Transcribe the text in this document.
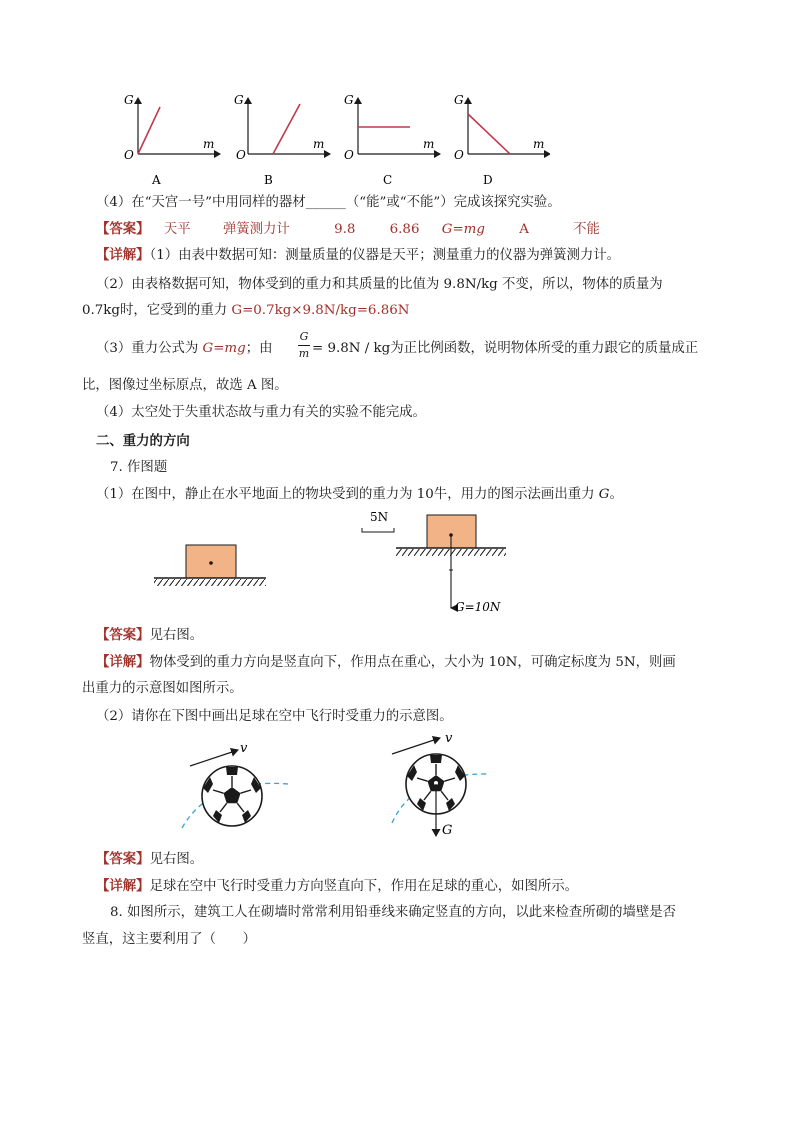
G
m
O
A
G
m
O
B
G
m
O
C
G
m
O
D
（4）在“天宫一号”中用同样的器材______（“能”或“不能”）完成该探究实验。
【答案】 天平 弹簧测力计	9.8	6.86 G=mg	A	不能
【详解】（1）由表中数据可知：测量质量的仪器是天平；测量重力的仪器为弹簧测力计。
（2）由表格数据可知，物体受到的重力和其质量的比值为 9.8N/kg 不变，所以，物体的质量为
0.7kg时，它受到的重力 G=0.7kg×9.8N/kg=6.86N
（3）重力公式为 G=mg；由
G
m = 9.8N / kg为正比例函数，说明物体所受的重力跟它的质量成正
比，图像过坐标原点，故选 A 图。
（4）太空处于失重状态故与重力有关的实验不能完成。
二、重力的方向
7. 作图题
（1）在图中，静止在水平地面上的物块受到的重力为 10牛，用力的图示法画出重力 G。
5N
G=10N
【答案】见右图。
【详解】物体受到的重力方向是竖直向下，作用点在重心，大小为 10N，可确定标度为 5N，则画
出重力的示意图如图所示。
（2）请你在下图中画出足球在空中飞行时受重力的示意图。
v
v
G
【答案】见右图。
【详解】足球在空中飞行时受重力方向竖直向下，作用在足球的重心，如图所示。
8. 如图所示，建筑工人在砌墙时常常利用铅垂线来确定竖直的方向，以此来检查所砌的墙壁是否
竖直，这主要利用了（　　）
